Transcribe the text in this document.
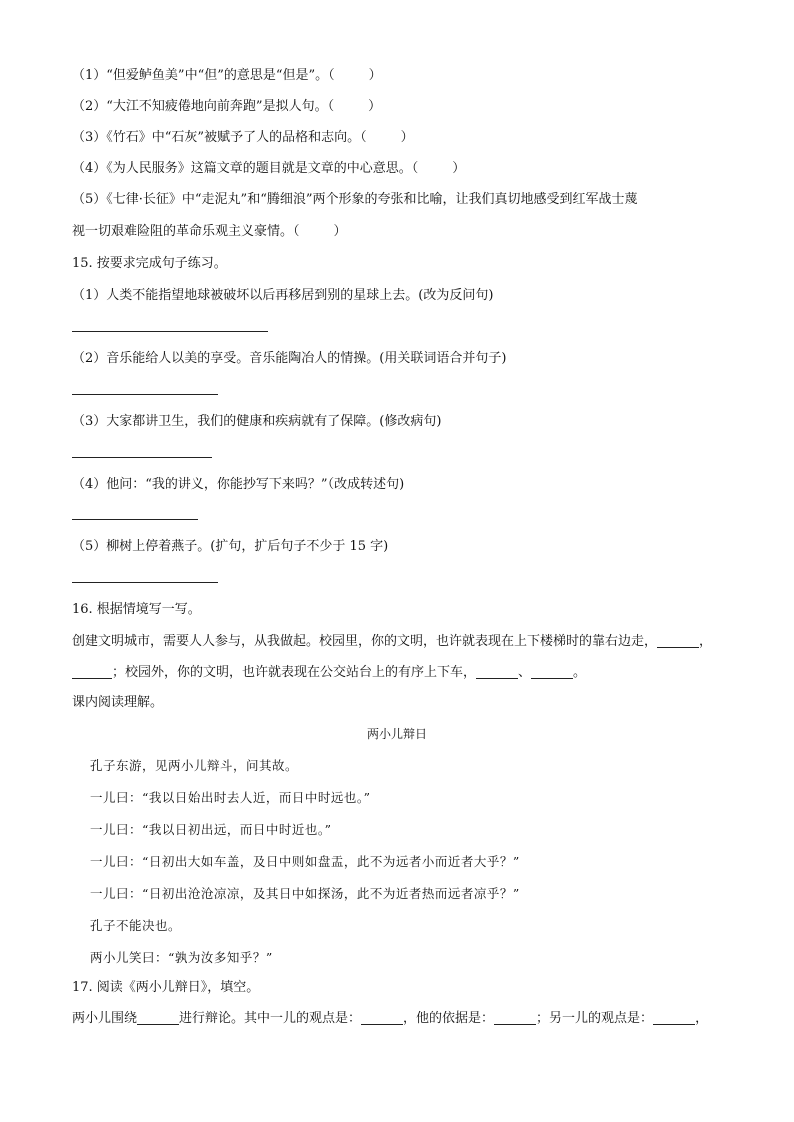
（1）“但爱鲈鱼美”中“但”的意思是“但是”。（	）
（2）“大江不知疲倦地向前奔跑”是拟人句。（	）
（3）《竹石》中“石灰”被赋予了人的品格和志向。（	）
（4）《为人民服务》这篇文章的题目就是文章的中心意思。（	）
（5）《七律·长征》中“走泥丸”和“腾细浪”两个形象的夸张和比喻，让我们真切地感受到红军战士蔑
视一切艰难险阻的革命乐观主义豪情。（	）
15. 按要求完成句子练习。
（1）人类不能指望地球被破坏以后再移居到别的星球上去。(改为反问句)
（2）音乐能给人以美的享受。音乐能陶冶人的情操。(用关联词语合并句子)
（3）大家都讲卫生，我们的健康和疾病就有了保障。(修改病句)
（4）他问：“我的讲义，你能抄写下来吗？”（改成转述句)
（5）柳树上停着燕子。(扩句，扩后句子不少于 15 字)
16. 根据情境写一写。
创建文明城市，需要人人参与，从我做起。校园里，你的文明，也许就表现在上下楼梯时的靠右边走，	，
；校园外，你的文明，也许就表现在公交站台上的有序上下车，	、	。
课内阅读理解。
两小儿辩日
孔子东游，见两小儿辩斗，问其故。
一儿曰：“我以日始出时去人近，而日中时远也。”
一儿曰：“我以日初出远，而日中时近也。”
一儿曰：“日初出大如车盖，及日中则如盘盂，此不为远者小而近者大乎？”
一儿曰：“日初出沧沧凉凉，及其日中如探汤，此不为近者热而远者凉乎？”
孔子不能决也。
两小儿笑曰：“孰为汝多知乎？”
17. 阅读《两小儿辩日》，填空。
两小儿围绕	进行辩论。其中一儿的观点是：	，他的依据是：	；另一儿的观点是：	，
